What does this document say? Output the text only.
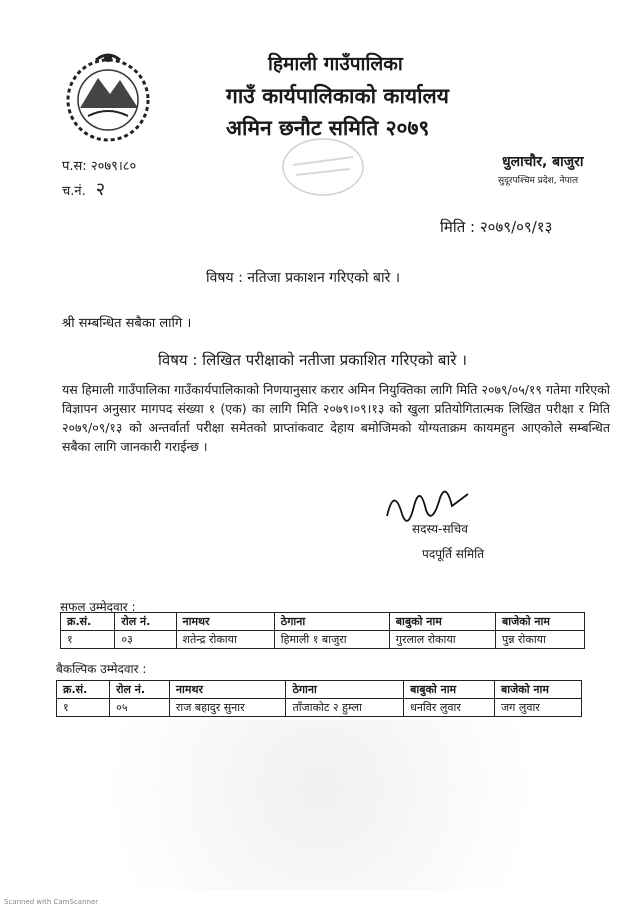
हिमाली गाउँपालिका
गाउँ कार्यपालिकाको कार्यालय
अमिन छनौट समिति २०७९
प.स: २०७९।८०
च.नं. २
धुलाचौर, बाजुरा
सुदूरपश्चिम प्रदेश, नेपाल
मिति : २०७९/०९/१३
विषय : नतिजा प्रकाशन गरिएको बारे ।
श्री सम्बन्धित सबैका लागि ।
विषय : लिखित परीक्षाको नतीजा प्रकाशित गरिएको बारे ।
यस हिमाली गाउँपालिका गाउँकार्यपालिकाको निणयानुसार करार अमिन नियुक्तिका लागि मिति २०७९/०५/१९ गतेमा गरिएको विज्ञापन अनुसार मागपद संख्या १ (एक) का लागि मिति २०७९।०९।१३ को खुला प्रतियोगितात्मक लिखित परीक्षा र मिति २०७९/०९/१३ को अन्तर्वार्ता परीक्षा समेतको प्राप्तांकवाट देहाय बमोजिमको योग्यताक्रम कायमहुन आएकोले सम्बन्धित सबैका लागि जानकारी गराईन्छ ।
सदस्य-सचिव
पदपूर्ति समिति
सफल उम्मेदवार :
क्र.सं.	रोल नं.	नामथर	ठेगाना	बाबुको नाम	बाजेको नाम
१	०३	शतेन्द्र रोकाया	हिमाली १ बाजुरा	गुरलाल रोकाया	पुन्न रोकाया
बैकल्पिक उम्मेदवार :
क्र.सं.	रोल नं.	नामथर	ठेगाना	बाबुको नाम	बाजेको नाम
१	०५	राज बहादुर सुनार	ताँजाकोट २ हुम्ला	धनविर लुवार	जग लुवार
Scanned with CamScanner
